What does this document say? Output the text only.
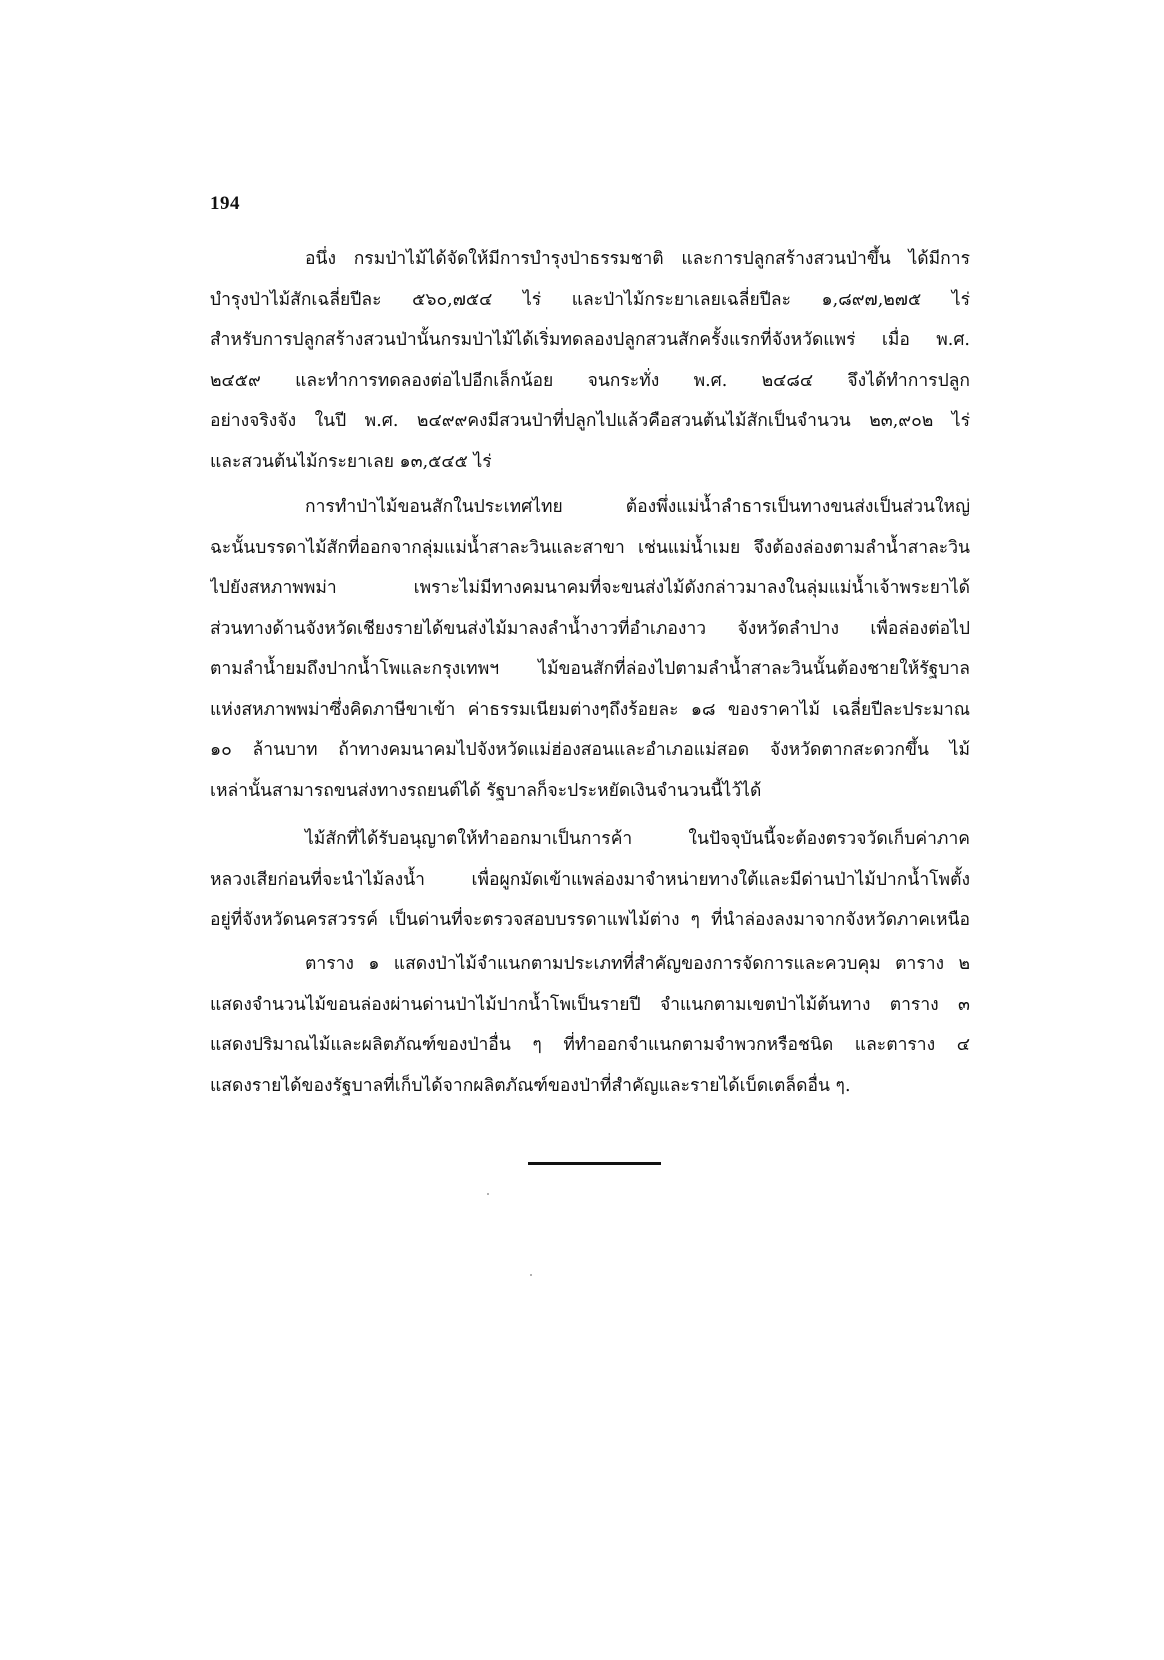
194
อนึ่ง กรมป่าไม้ได้จัดให้มีการบำรุงป่าธรรมชาติ และการปลูกสร้างสวนป่าขึ้น ได้มีการ
บำรุงป่าไม้สักเฉลี่ยปีละ ๕๖๐,๗๕๔ ไร่ และป่าไม้กระยาเลยเฉลี่ยปีละ ๑,๘๙๗,๒๗๕ ไร่
สำหรับการปลูกสร้างสวนป่านั้นกรมป่าไม้ได้เริ่มทดลองปลูกสวนสักครั้งแรกที่จังหวัดแพร่ เมื่อ พ.ศ.
๒๔๕๙ และทำการทดลองต่อไปอีกเล็กน้อย จนกระทั่ง พ.ศ. ๒๔๘๔ จึงได้ทำการปลูก
อย่างจริงจัง ในปี พ.ศ. ๒๔๙๙คงมีสวนป่าที่ปลูกไปแล้วคือสวนต้นไม้สักเป็นจำนวน ๒๓,๙๐๒ ไร่
และสวนต้นไม้กระยาเลย ๑๓,๕๔๕ ไร่
การทำป่าไม้ขอนสักในประเทศไทย ต้องพึ่งแม่น้ำลำธารเป็นทางขนส่งเป็นส่วนใหญ่
ฉะนั้นบรรดาไม้สักที่ออกจากลุ่มแม่น้ำสาละวินและสาขา เช่นแม่น้ำเมย จึงต้องล่องตามลำน้ำสาละวิน
ไปยังสหภาพพม่า เพราะไม่มีทางคมนาคมที่จะขนส่งไม้ดังกล่าวมาลงในลุ่มแม่น้ำเจ้าพระยาได้
ส่วนทางด้านจังหวัดเชียงรายได้ขนส่งไม้มาลงลำน้ำงาวที่อำเภองาว จังหวัดลำปาง เพื่อล่องต่อไป
ตามลำน้ำยมถึงปากน้ำโพและกรุงเทพฯ ไม้ขอนสักที่ล่องไปตามลำน้ำสาละวินนั้นต้องชายให้รัฐบาล
แห่งสหภาพพม่าซึ่งคิดภาษีขาเข้า ค่าธรรมเนียมต่างๆถึงร้อยละ ๑๘ ของราคาไม้ เฉลี่ยปีละประมาณ
๑๐ ล้านบาท ถ้าทางคมนาคมไปจังหวัดแม่ฮ่องสอนและอำเภอแม่สอด จังหวัดตากสะดวกขึ้น ไม้
เหล่านั้นสามารถขนส่งทางรถยนต์ได้ รัฐบาลก็จะประหยัดเงินจำนวนนี้ไว้ได้
ไม้สักที่ได้รับอนุญาตให้ทำออกมาเป็นการค้า ในปัจจุบันนี้จะต้องตรวจวัดเก็บค่าภาค
หลวงเสียก่อนที่จะนำไม้ลงน้ำ เพื่อผูกมัดเข้าแพล่องมาจำหน่ายทางใต้และมีด่านป่าไม้ปากน้ำโพตั้ง
อยู่ที่จังหวัดนครสวรรค์ เป็นด่านที่จะตรวจสอบบรรดาแพไม้ต่าง ๆ ที่นำล่องลงมาจากจังหวัดภาคเหนือ
ตาราง ๑ แสดงป่าไม้จำแนกตามประเภทที่สำคัญของการจัดการและควบคุม ตาราง ๒
แสดงจำนวนไม้ขอนล่องผ่านด่านป่าไม้ปากน้ำโพเป็นรายปี จำแนกตามเขตป่าไม้ต้นทาง ตาราง ๓
แสดงปริมาณไม้และผลิตภัณฑ์ของป่าอื่น ๆ ที่ทำออกจำแนกตามจำพวกหรือชนิด และตาราง ๔
แสดงรายได้ของรัฐบาลที่เก็บได้จากผลิตภัณฑ์ของป่าที่สำคัญและรายได้เบ็ดเตล็ดอื่น ๆ.
